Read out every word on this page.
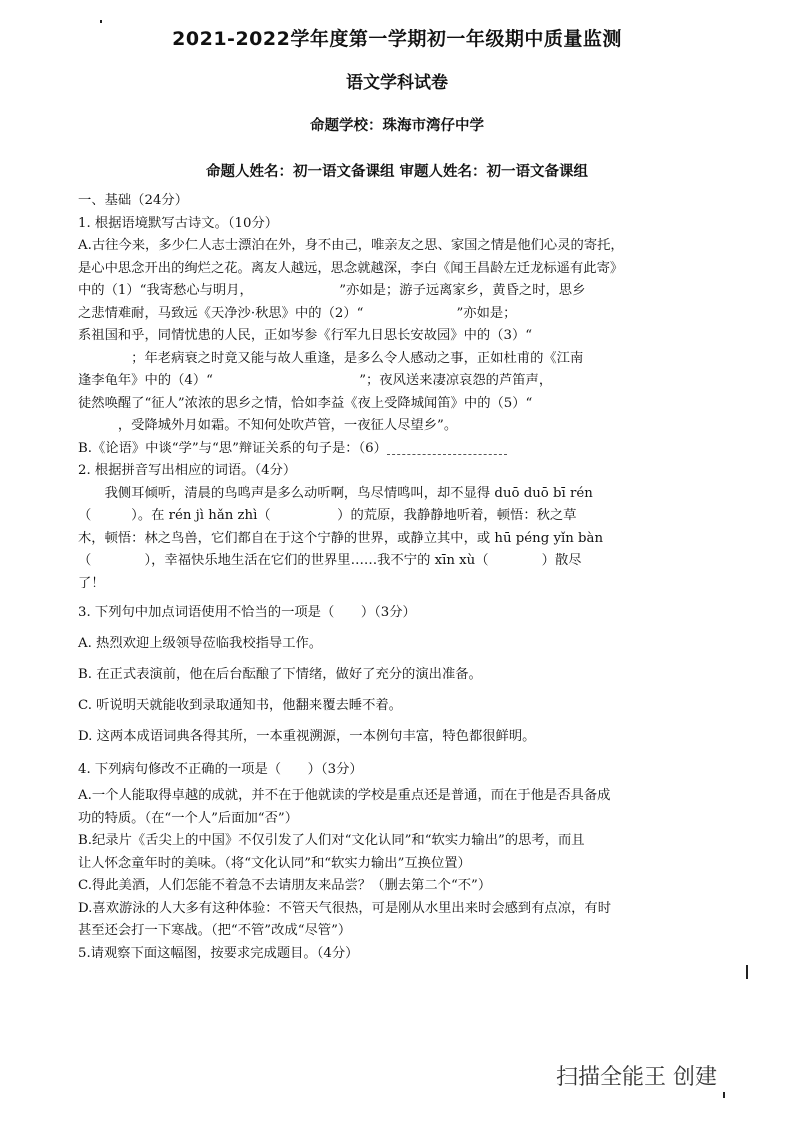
2021-2022学年度第一学期初一年级期中质量监测
语文学科试卷
命题学校：珠海市湾仔中学
命题人姓名：初一语文备课组 审题人姓名：初一语文备课组

一、基础（24分）

1. 根据语境默写古诗文。（10分）

A.古往今来，多少仁人志士漂泊在外，身不由己，唯亲友之思、家国之情是他们心灵的寄托，

是心中思念开出的绚烂之花。离友人越远，思念就越深，李白《闻王昌龄左迁龙标遥有此寄》

中的（1）“我寄愁心与明月，　　　　　　　”亦如是；游子远离家乡，黄昏之时，思乡

之悲情难耐，马致远《天净沙·秋思》中的（2）“　　　　　　　”亦如是；

系祖国和乎，同情忧患的人民，正如岑参《行军九日思长安故园》中的（3）“　　　　

　　　　；年老病衰之时竟又能与故人重逢，是多么令人感动之事，正如杜甫的《江南

逢李龟年》中的（4）“　　　　　　　　　　　”；夜风送来凄凉哀怨的芦笛声，

徒然唤醒了“征人”浓浓的思乡之情，恰如李益《夜上受降城闻笛》中的（5）“　　　　

　　　，受降城外月如霜。不知何处吹芦管，一夜征人尽望乡”。

B.《论语》中谈“学”与“思”辩证关系的句子是：（6）

2. 根据拼音写出相应的词语。（4分）

我侧耳倾听，清晨的鸟鸣声是多么动听啊，鸟尽情鸣叫，却不显得 duō duō bī rén

（　　　）。在 rén jì hǎn zhì（　　　　　）的荒原，我静静地听着，顿悟：秋之草

木，顿悟：林之鸟兽，它们都自在于这个宁静的世界，或静立其中，或 hū péng yǐn bàn

（　　　　），幸福快乐地生活在它们的世界里……我不宁的 xīn xù（　　　　）散尽

了！

3. 下列句中加点词语使用不恰当的一项是（　　）（3分）

A. 热烈欢迎上级领导莅临我校指导工作。

B. 在正式表演前，他在后台酝酿了下情绪，做好了充分的演出准备。

C. 听说明天就能收到录取通知书，他翻来覆去睡不着。

D. 这两本成语词典各得其所，一本重视溯源，一本例句丰富，特色都很鲜明。

4. 下列病句修改不正确的一项是（　　）（3分）

A.一个人能取得卓越的成就，并不在于他就读的学校是重点还是普通，而在于他是否具备成

功的特质。（在“一个人”后面加“否”）

B.纪录片《舌尖上的中国》不仅引发了人们对“文化认同”和“软实力输出”的思考，而且

让人怀念童年时的美味。（将“文化认同”和“软实力输出”互换位置）

C.得此美酒，人们怎能不着急不去请朋友来品尝？（删去第二个“不”）

D.喜欢游泳的人大多有这种体验：不管天气很热，可是刚从水里出来时会感到有点凉，有时

甚至还会打一下寒战。（把“不管”改成“尽管”）

5.请观察下面这幅图，按要求完成题目。（4分）

扫描全能王 创建
